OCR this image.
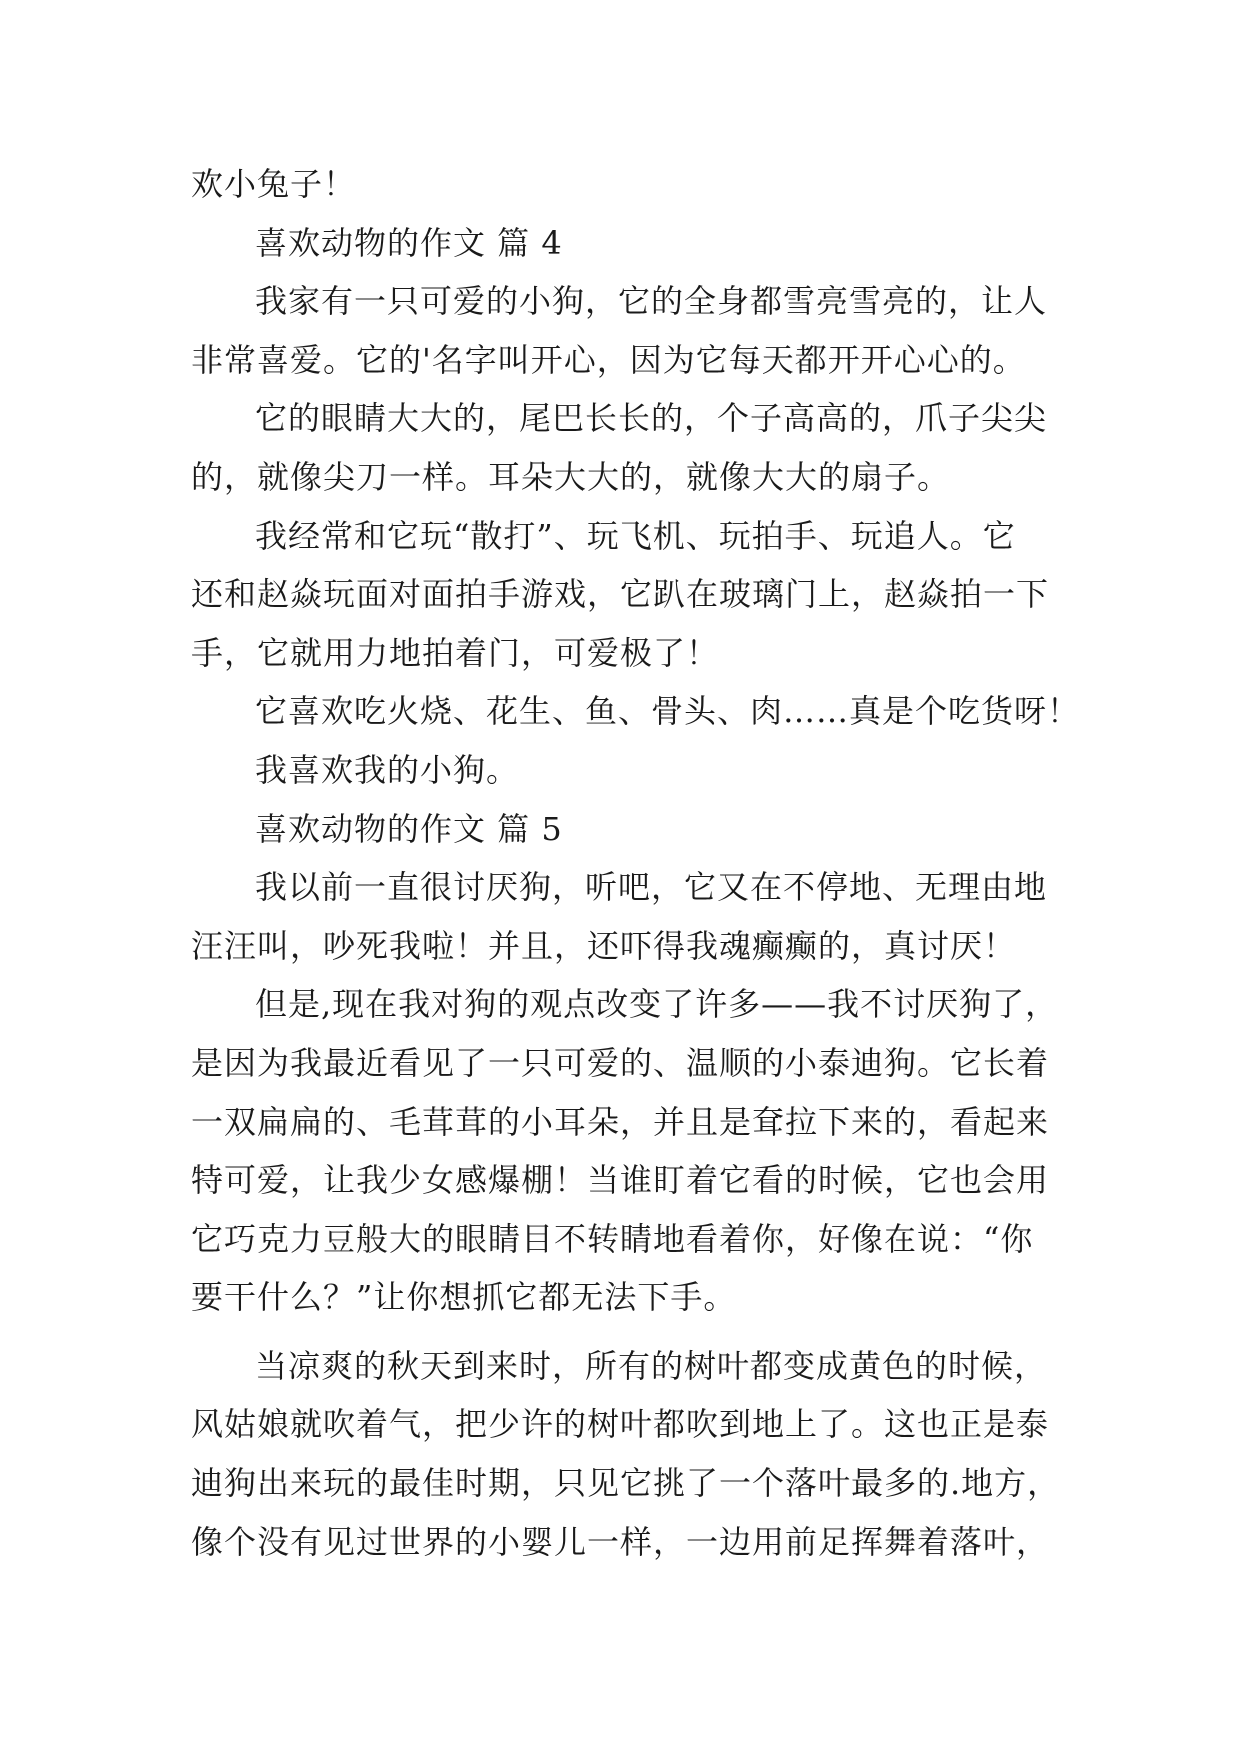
欢小兔子！
喜欢动物的作文 篇 4
我家有一只可爱的小狗，它的全身都雪亮雪亮的，让人
非常喜爱。它的'名字叫开心，因为它每天都开开心心的。
它的眼睛大大的，尾巴长长的，个子高高的，爪子尖尖
的，就像尖刀一样。耳朵大大的，就像大大的扇子。
我经常和它玩“散打”、玩飞机、玩拍手、玩追人。它
还和赵焱玩面对面拍手游戏，它趴在玻璃门上，赵焱拍一下
手，它就用力地拍着门，可爱极了！
它喜欢吃火烧、花生、鱼、骨头、肉……真是个吃货呀！
我喜欢我的小狗。
喜欢动物的作文 篇 5
我以前一直很讨厌狗，听吧，它又在不停地、无理由地
汪汪叫，吵死我啦！并且，还吓得我魂癫癫的，真讨厌！
但是,现在我对狗的观点改变了许多——我不讨厌狗了，
是因为我最近看见了一只可爱的、温顺的小泰迪狗。它长着
一双扁扁的、毛茸茸的小耳朵，并且是耷拉下来的，看起来
特可爱，让我少女感爆棚！当谁盯着它看的时候，它也会用
它巧克力豆般大的眼睛目不转睛地看着你，好像在说：“你
要干什么？”让你想抓它都无法下手。
当凉爽的秋天到来时，所有的树叶都变成黄色的时候，
风姑娘就吹着气，把少许的树叶都吹到地上了。这也正是泰
迪狗出来玩的最佳时期，只见它挑了一个落叶最多的.地方，
像个没有见过世界的小婴儿一样，一边用前足挥舞着落叶，
